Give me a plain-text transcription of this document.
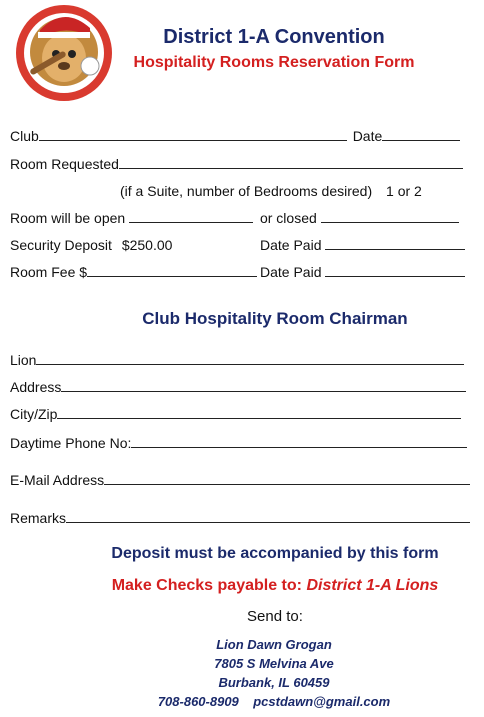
District 1-A Convention
Hospitality Rooms Reservation Form
Club	Date
Room Requested
(if a Suite, number of Bedrooms desired) 1 or 2
Room will be open	or closed
Security Deposit $250.00	Date Paid
Room Fee $	Date Paid
Club Hospitality Room Chairman
Lion
Address
City/Zip
Daytime Phone No:
E-Mail Address
Remarks
Deposit must be accompanied by this form
Make Checks payable to: District 1-A Lions
Send to:
Lion Dawn Grogan
7805 S Melvina Ave
Burbank, IL 60459
708-860-8909    pcstdawn@gmail.com
